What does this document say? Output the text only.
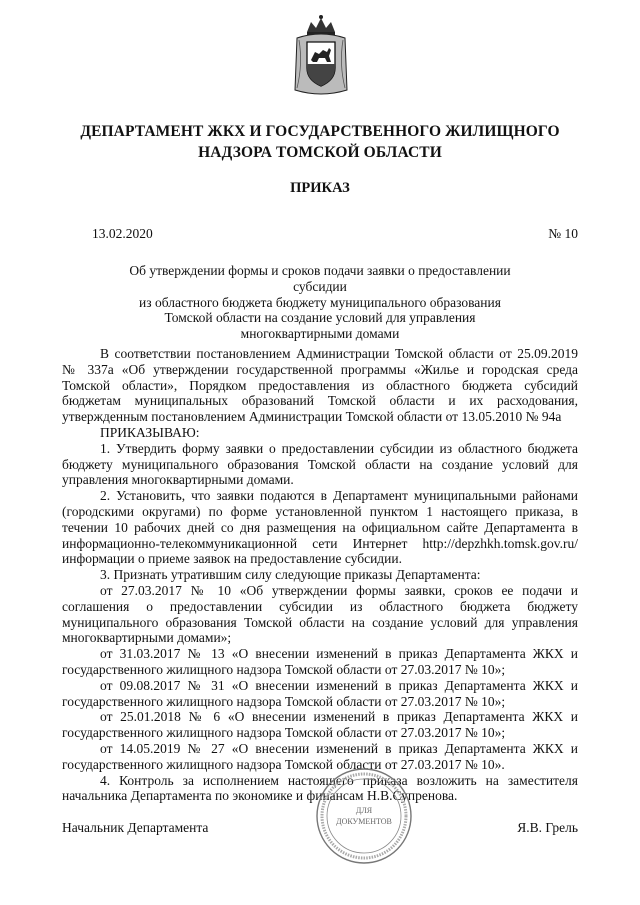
ДЕПАРТАМЕНТ ЖКХ И ГОСУДАРСТВЕННОГО ЖИЛИЩНОГО
НАДЗОРА ТОМСКОЙ ОБЛАСТИ
ПРИКАЗ
13.02.2020	№ 10
Об утверждении формы и сроков подачи заявки о предоставлении субсидии
из областного бюджета бюджету муниципального образования
Томской области на создание условий для управления
многоквартирными домами

В соответствии постановлением Администрации Томской области от 25.09.2019 № 337а «Об утверждении государственной программы «Жилье и городская среда Томской области», Порядком предоставления из областного бюджета субсидий бюджетам муниципальных образований Томской области и их расходования, утвержденным постановлением Администрации Томской области от 13.05.2010 № 94а

ПРИКАЗЫВАЮ:

1. Утвердить форму заявки о предоставлении субсидии из областного бюджета бюджету муниципального образования Томской области на создание условий для управления многоквартирными домами.

2. Установить, что заявки подаются в Департамент муниципальными районами (городскими округами) по форме установленной пунктом 1 настоящего приказа, в течении 10 рабочих дней со дня размещения на официальном сайте Департамента в информационно-телекоммуникационной сети Интернет http://depzhkh.tomsk.gov.ru/ информации о приеме заявок на предоставление субсидии.

3. Признать утратившим силу следующие приказы Департамента:

от 27.03.2017 № 10 «Об утверждении формы заявки, сроков ее подачи и соглашения о предоставлении субсидии из областного бюджета бюджету муниципального образования Томской области на создание условий для управления многоквартирными домами»;

от 31.03.2017 № 13 «О внесении изменений в приказ Департамента ЖКХ и государственного жилищного надзора Томской области от 27.03.2017 № 10»;

от 09.08.2017 № 31 «О внесении изменений в приказ Департамента ЖКХ и государственного жилищного надзора Томской области от 27.03.2017 № 10»;

от 25.01.2018 № 6 «О внесении изменений в приказ Департамента ЖКХ и государственного жилищного надзора Томской области от 27.03.2017 № 10»;

от 14.05.2019 № 27 «О внесении изменений в приказ Департамента ЖКХ и государственного жилищного надзора Томской области от 27.03.2017 № 10».

4. Контроль за исполнением настоящего приказа возложить на заместителя начальника Департамента по экономике и финансам Н.В.Супренова.

ДЛЯ
ДОКУМЕНТОВ
Начальник Департамента	Я.В. Грель
